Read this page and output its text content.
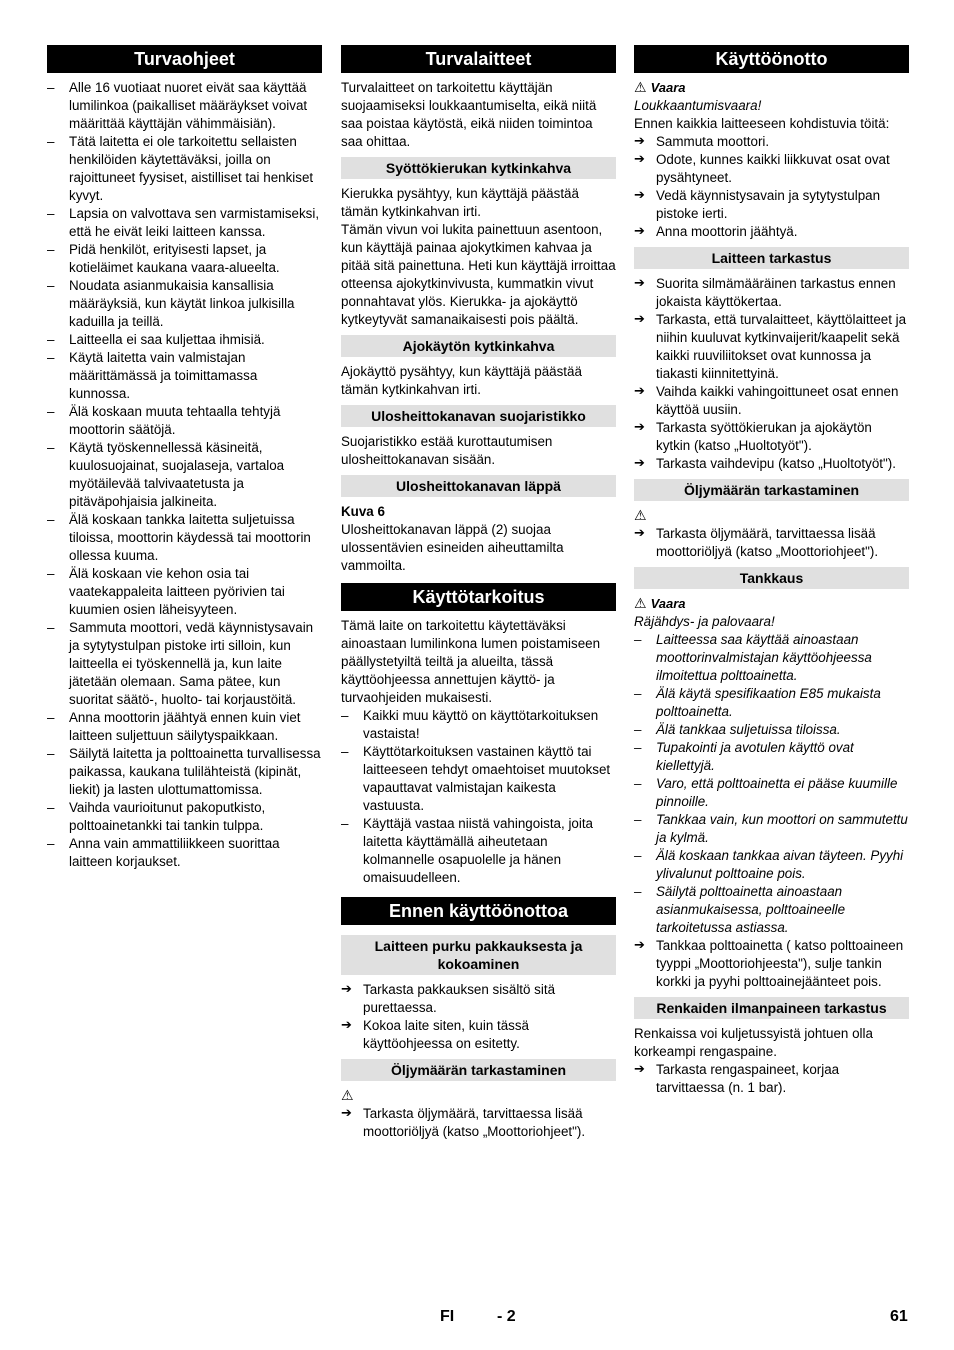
Turvaohjeet
– Alle 16 vuotiaat nuoret eivät saa käyttää lumilinkoa (paikalliset määräykset voivat määrittää käyttäjän vähimmäisiän).
– Tätä laitetta ei ole tarkoitettu sellaisten henkilöiden käytettäväksi, joilla on rajoittuneet fyysiset, aistilliset tai henkiset kyvyt.
– Lapsia on valvottava sen varmistamiseksi, että he eivät leiki laitteen kanssa.
– Pidä henkilöt, erityisesti lapset, ja kotieläimet kaukana vaara-alueelta.
– Noudata asianmukaisia kansallisia määräyksiä, kun käytät linkoa julkisilla kaduilla ja teillä.
– Laitteella ei saa kuljettaa ihmisiä.
– Käytä laitetta vain valmistajan määrittämässä ja toimittamassa kunnossa.
– Älä koskaan muuta tehtaalla tehtyjä moottorin säätöjä.
– Käytä työskennellessä käsineitä, kuulosuojainat, suojalaseja, vartaloa myötäilevää talvivaatetusta ja pitäväpohjaisia jalkineita.
– Älä koskaan tankka laitetta suljetuissa tiloissa, moottorin käydessä tai moottorin ollessa kuuma.
– Älä koskaan vie kehon osia tai vaatekappaleita laitteen pyörivien tai kuumien osien läheisyyteen.
– Sammuta moottori, vedä käynnistysavain ja sytytystulpan pistoke irti silloin, kun laitteella ei työskennellä ja, kun laite jätetään olemaan. Sama pätee, kun suoritat säätö-, huolto- tai korjaustöitä.
– Anna moottorin jäähtyä ennen kuin viet laitteen suljettuun säilytyspaikkaan.
– Säilytä laitetta ja polttoainetta turvallisessa paikassa, kaukana tulilähteistä (kipinät, liekit) ja lasten ulottumattomissa.
– Vaihda vaurioitunut pakoputkisto, polttoainetankki tai tankin tulppa.
– Anna vain ammattiliikkeen suorittaa laitteen korjaukset.
Turvalaitteet

Turvalaitteet on tarkoitettu käyttäjän suojaamiseksi loukkaantumiselta, eikä niitä saa poistaa käytöstä, eikä niiden toimintoa saa ohittaa.

Syöttökierukan kytkinkahva

Kierukka pysähtyy, kun käyttäjä päästää tämän kytkinkahvan irti.

Tämän vivun voi lukita painettuun asentoon, kun käyttäjä painaa ajokytkimen kahvaa ja pitää sitä painettuna. Heti kun käyttäjä irroittaa otteensa ajokytkinvivusta, kummatkin vivut ponnahtavat ylös. Kierukka- ja ajokäyttö kytkeytyvät samanaikaisesti pois päältä.

Ajokäytön kytkinkahva

Ajokäyttö pysähtyy, kun käyttäjä päästää tämän kytkinkahvan irti.

Ulosheittokanavan suojaristikko

Suojaristikko estää kurottautumisen ulosheittokanavan sisään.

Ulosheittokanavan läppä

Kuva 6

Ulosheittokanavan läppä (2) suojaa ulossentävien esineiden aiheuttamilta vammoilta.

Käyttötarkoitus

Tämä laite on tarkoitettu käytettäväksi ainoastaan lumilinkona lumen poistamiseen päällystetyiltä teiltä ja alueilta, tässä käyttöohjeessa annettujen käyttö- ja turvaohjeiden mukaisesti.

– Kaikki muu käyttö on käyttötarkoituksen vastaista!
– Käyttötarkoituksen vastainen käyttö tai laitteeseen tehdyt omaehtoiset muutokset vapauttavat valmistajan kaikesta vastuusta.
– Käyttäjä vastaa niistä vahingoista, joita laitetta käyttämällä aiheutetaan kolmannelle osapuolelle ja hänen omaisuudelleen.
Ennen käyttöönottoa
Laitteen purku pakkauksesta ja kokoaminen
➔ Tarkasta pakkauksen sisältö sitä purettaessa.
➔ Kokoa laite siten, kuin tässä käyttöohjeessa on esitetty.
Öljymäärän tarkastaminen
⚠
➔ Tarkasta öljymäärä, tarvittaessa lisää moottoriöljyä (katso „Moottoriohjeet").
Käyttöönotto
⚠ Vaara

Loukkaantumisvaara!

Ennen kaikkia laitteeseen kohdistuvia töitä:

➔ Sammuta moottori.
➔ Odote, kunnes kaikki liikkuvat osat ovat pysähtyneet.
➔ Vedä käynnistysavain ja sytytystulpan pistoke ierti.
➔ Anna moottorin jäähtyä.
Laitteen tarkastus
➔ Suorita silmämääräinen tarkastus ennen jokaista käyttökertaa.
➔ Tarkasta, että turvalaitteet, käyttölaitteet ja niihin kuuluvat kytkinvaijerit/kaapelit sekä kaikki ruuviliitokset ovat kunnossa ja tiakasti kiinnitettyinä.
➔ Vaihda kaikki vahingoittuneet osat ennen käyttöä uusiin.
➔ Tarkasta syöttökierukan ja ajokäytön kytkin (katso „Huoltotyöt").
➔ Tarkasta vaihdevipu (katso „Huoltotyöt").
Öljymäärän tarkastaminen
⚠
➔ Tarkasta öljymäärä, tarvittaessa lisää moottoriöljyä (katso „Moottoriohjeet").
Tankkaus
⚠ Vaara

Räjähdys- ja palovaara!

– Laitteessa saa käyttää ainoastaan moottorinvalmistajan käyttöohjeessa ilmoitettua polttoainetta.
– Älä käytä spesifikaation E85 mukaista polttoainetta.
– Älä tankkaa suljetuissa tiloissa.
– Tupakointi ja avotulen käyttö ovat kiellettyjä.
– Varo, että polttoainetta ei pääse kuumille pinnoille.
– Tankkaa vain, kun moottori on sammutettu ja kylmä.
– Älä koskaan tankkaa aivan täyteen. Pyyhi ylivalunut polttoaine pois.
– Säilytä polttoainetta ainoastaan asianmukaisessa, polttoaineelle tarkoitetussa astiassa.
➔ Tankkaa polttoainetta ( katso polttoaineen tyyppi „Moottoriohjeesta"), sulje tankin korkki ja pyyhi polttoainejäänteet pois.
Renkaiden ilmanpaineen tarkastus

Renkaissa voi kuljetussyistä johtuen olla korkeampi rengaspaine.

➔ Tarkasta rengaspaineet, korjaa tarvittaessa (n. 1 bar).
FI	- 2	61
